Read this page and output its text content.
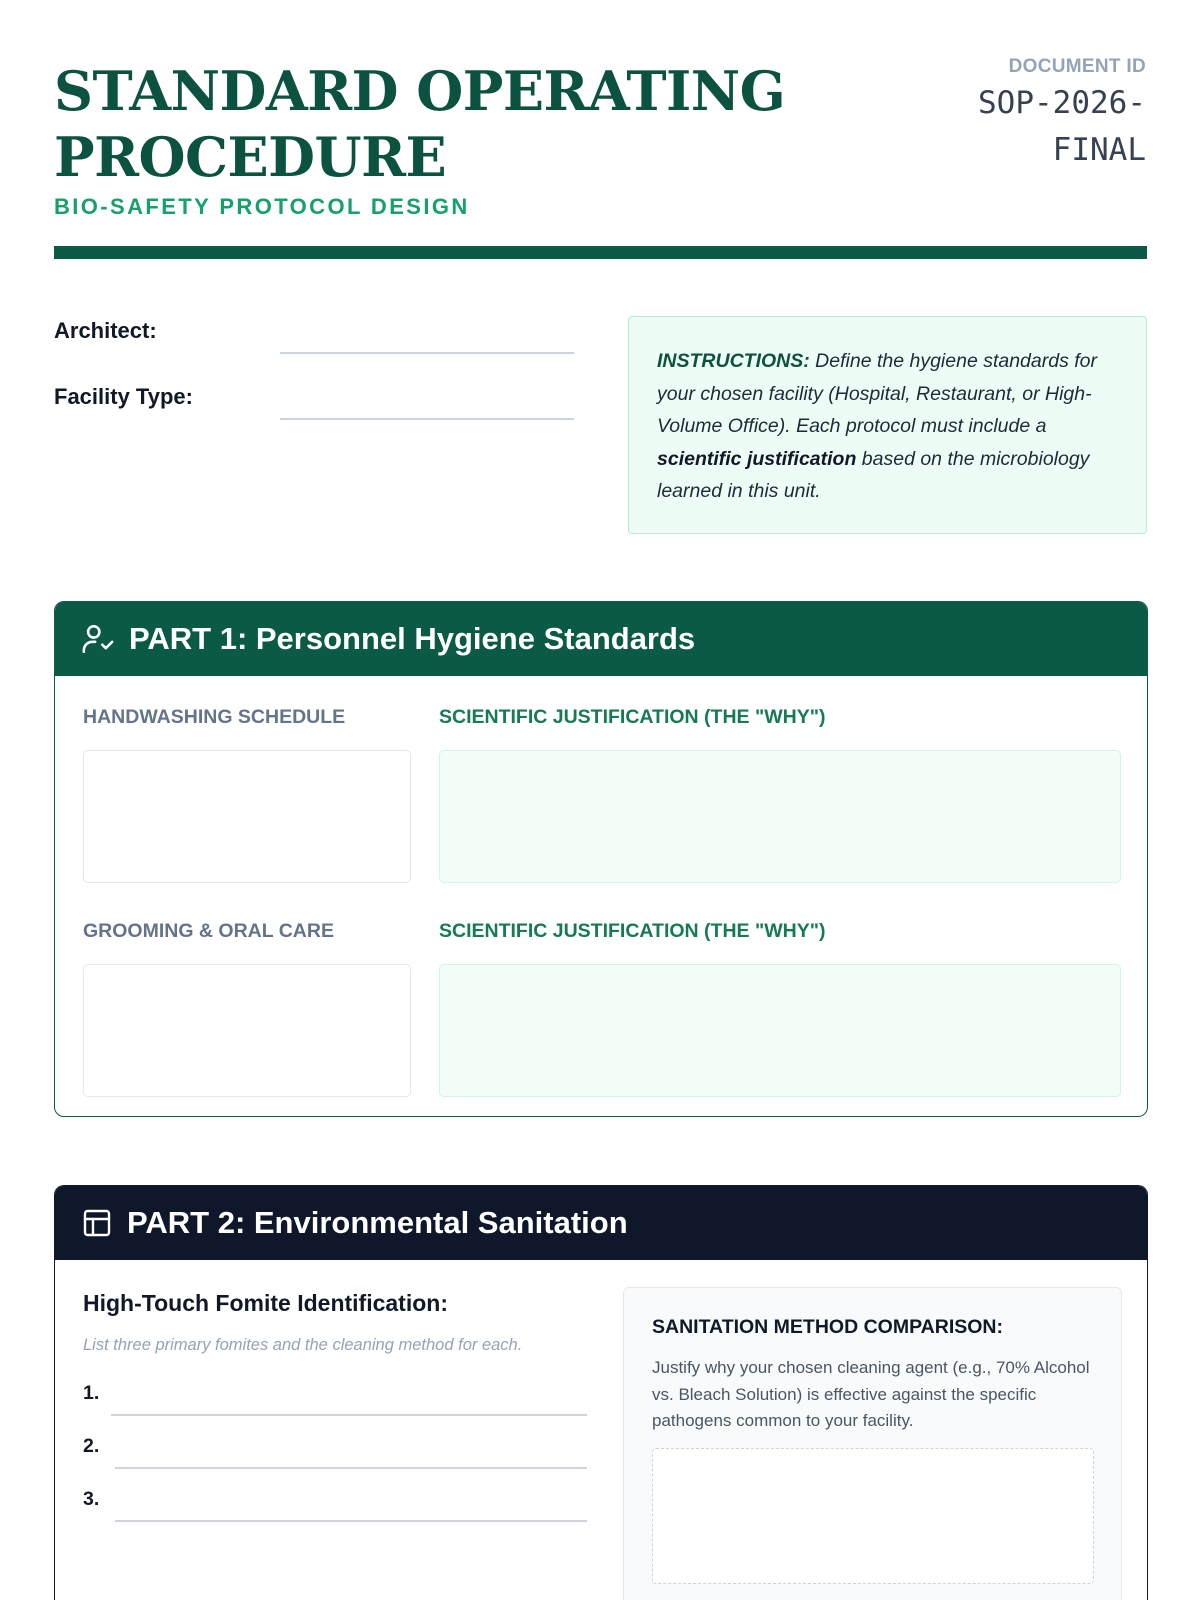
STANDARD OPERATING PROCEDURE
BIO-SAFETY PROTOCOL DESIGN
DOCUMENT ID
SOP-2026-FINAL
Architect:
Facility Type:
INSTRUCTIONS: Define the hygiene standards for your chosen facility (Hospital, Restaurant, or High-Volume Office). Each protocol must include a scientific justification based on the microbiology learned in this unit.
PART 1: Personnel Hygiene Standards
HANDWASHING SCHEDULE	SCIENTIFIC JUSTIFICATION (THE "WHY")
GROOMING & ORAL CARE	SCIENTIFIC JUSTIFICATION (THE "WHY")
PART 2: Environmental Sanitation
High-Touch Fomite Identification:
List three primary fomites and the cleaning method for each.
1.
2.
3.
SANITATION METHOD COMPARISON:
Justify why your chosen cleaning agent (e.g., 70% Alcohol vs. Bleach Solution) is effective against the specific pathogens common to your facility.
